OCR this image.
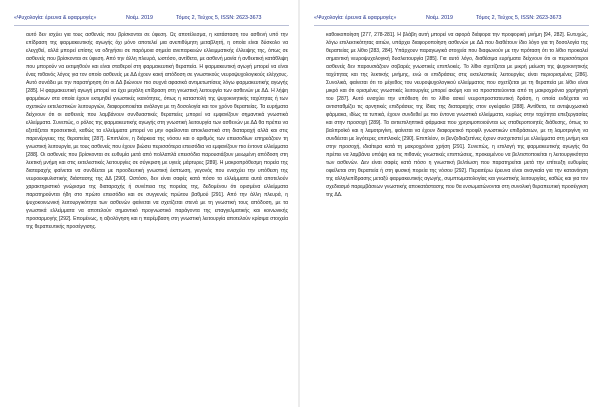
«Ψυχολογία: έρευνα & εφαρμογές»	Νοέμ. 2019	Τόμος 2, Τεύχος 5, ISSN: 2623-3673

αυτό δεν ισχύει για τους ασθενείς που βρίσκονται σε ύφεση. Ως αποτέλεσμα, η κατάσταση του ασθενή υπό την επίδραση της φαρμακευτικής αγωγής όχι μόνο αποτελεί μια ανεπιθύμητη μεταβλητή, η οποία είναι δύσκολο να ελεγχθεί, αλλά μπορεί επίσης να οδηγήσει σε παρόμοια σημεία ανεπαρκειών ελλειμματικής έλλειψης της, όπως σε ασθενείς που βρίσκονται σε ύφεση. Από την άλλη πλευρά, ωστόσο, αντίθετα, με ασθενή μανία ή ανθεκτική κατάθλιψη που μπορούν να εκτιμηθούν και είναι σταθεροί στη φαρμακευτική θεραπεία. Η φαρμακευτική αγωγή μπορεί να είναι ένας πιθανός λόγος για τον οποίο ασθενείς με ΔΔ έχουν κακή απόδοση σε γνωστικούς νευροψυχολογικούς ελέγχους. Αυτό συνάδει με την παρατήρηση ότι οι ΔΔ βιώνουν πιο συχνά αφασικά αντιμετωπίσεις λόγω φαρμακευτικής αγωγής [285]. Η φαρμακευτική αγωγή μπορεί να έχει μεγάλη επίδραση στη γνωστική λειτουργία των ασθενών με ΔΔ. Η λήψη φαρμάκων στα οποία έχουν εκτιμηθεί γνωστικές ικανότητες, όπως η καταστολή της ψυχοκινητικής ταχύτητας ή των σχετικών εκτελεστικών λειτουργιών, διαφοροποιείται ανάλογα με τη δοσολογία και τον χρόνο θεραπείας. Τα ευρήματα δείχνουν ότι οι ασθενείς που λαμβάνουν συνδυαστικές θεραπείες μπορεί να εμφανίζουν σημαντικά γνωστικά ελλείμματα. Συνεπώς, ο ρόλος της φαρμακευτικής αγωγής στη γνωστική λειτουργία των ασθενών με ΔΔ θα πρέπει να εξετάζεται προσεκτικά, καθώς τα ελλείμματα μπορεί να μην οφείλονται αποκλειστικά στη διαταραχή αλλά και στις παρενέργειες της θεραπείας [287]. Επιπλέον, η διάρκεια της νόσου και ο αριθμός των επεισοδίων επηρεάζουν τη γνωστική λειτουργία, με τους ασθενείς που έχουν βιώσει περισσότερα επεισόδια να εμφανίζουν πιο έντονα ελλείμματα [288]. Οι ασθενείς που βρίσκονται σε ευθυμία μετά από πολλαπλά επεισόδια παρουσιάζουν μειωμένη απόδοση στη λεκτική μνήμη και στις εκτελεστικές λειτουργίες σε σύγκριση με υγιείς μάρτυρες [289]. Η μακροπρόθεσμη πορεία της διαταραχής φαίνεται να συνδέεται με προοδευτική γνωστική έκπτωση, γεγονός που ενισχύει την υπόθεση της νευροεκφυλιστικής διάστασης της ΔΔ [290]. Ωστόσο, δεν είναι σαφές κατά πόσο τα ελλείμματα αυτά αποτελούν χαρακτηριστικό γνώρισμα της διαταραχής ή συνέπεια της πορείας της, δεδομένου ότι ορισμένα ελλείμματα παρατηρούνται ήδη στο πρώτο επεισόδιο και σε συγγενείς πρώτου βαθμού [291]. Από την άλλη πλευρά, η ψυχοκοινωνική λειτουργικότητα των ασθενών φαίνεται να σχετίζεται στενά με τη γνωστική τους απόδοση, με τα γνωστικά ελλείμματα να αποτελούν σημαντικό προγνωστικό παράγοντα της επαγγελματικής και κοινωνικής προσαρμογής [292]. Επομένως, η αξιολόγηση και η παρέμβαση στη γνωστική λειτουργία αποτελούν κρίσιμα στοιχεία της θεραπευτικής προσέγγισης.

«Ψυχολογία: έρευνα & εφαρμογές»	Νοέμ. 2019	Τόμος 2, Τεύχος 5, ISSN: 2623-3673

καθοικοποίηση [277, 278-281]. Η βλάβη αυτή μπορεί να αφορά διάφορα την προφορική μνήμη [94, 282]. Ευτυχώς, λόγω επιλεκτικότητας αιτιών, υπάρχει διαφοροποίηση ασθενών με ΔΔ που διαθέτουν ίδιο λόγο για τη δοσολογία της θεραπείας με λίθιο [283, 284]. Υπάρχουν παραγωγικά στοιχεία που διαφωνούν με την πρόταση ότι το λίθιο προκαλεί σημαντική νευροψυχολογική δυσλειτουργία [285]. Για αυτό λόγο, διαθέσιμα ευρήματα δείχνουν ότι οι περισσότεροι ασθενείς δεν παρουσιάζουν σοβαρές γνωστικές επιπλοκές. Το λίθιο σχετίζεται με μικρή μείωση της ψυχοκινητικής ταχύτητας και της λεκτικής μνήμης, ενώ οι επιδράσεις στις εκτελεστικές λειτουργίες είναι περιορισμένες [286]. Συνολικά, φαίνεται ότι το μέγεθος του νευροψυχολογικού ελλείμματος που σχετίζεται με τη θεραπεία με λίθιο είναι μικρό και ότι ορισμένες γνωστικές λειτουργίες μπορεί ακόμη και να προστατεύονται από τη μακροχρόνια χορήγησή του [287]. Αυτό ενισχύει την υπόθεση ότι το λίθιο ασκεί νευροπροστατευτική δράση, η οποία ενδέχεται να αντισταθμίζει τις αρνητικές επιδράσεις της ίδιας της διαταραχής στον εγκέφαλο [288]. Αντίθετα, τα αντιψυχωσικά φάρμακα, ιδίως τα τυπικά, έχουν συνδεθεί με πιο έντονα γνωστικά ελλείμματα, κυρίως στην ταχύτητα επεξεργασίας και στην προσοχή [289]. Τα αντιεπιληπτικά φάρμακα που χρησιμοποιούνται ως σταθεροποιητές διάθεσης, όπως το βαλπροϊκό και η λαμοτριγίνη, φαίνεται να έχουν διαφορετικό προφίλ γνωστικών επιδράσεων, με τη λαμοτριγίνη να συνδέεται με λιγότερες επιπλοκές [290]. Επιπλέον, οι βενζοδιαζεπίνες έχουν συσχετιστεί με ελλείμματα στη μνήμη και στην προσοχή, ιδιαίτερα κατά τη μακροχρόνια χρήση [291]. Συνεπώς, η επιλογή της φαρμακευτικής αγωγής θα πρέπει να λαμβάνει υπόψη και τις πιθανές γνωστικές επιπτώσεις, προκειμένου να βελτιστοποιείται η λειτουργικότητα των ασθενών. Δεν είναι σαφές κατά πόσο η γνωστική βελτίωση που παρατηρείται μετά την επίτευξη ευθυμίας οφείλεται στη θεραπεία ή στη φυσική πορεία της νόσου [292]. Περαιτέρω έρευνα είναι αναγκαία για την κατανόηση της αλληλεπίδρασης μεταξύ φαρμακευτικής αγωγής, συμπτωματολογίας και γνωστικής λειτουργίας, καθώς και για τον σχεδιασμό παρεμβάσεων γνωστικής αποκατάστασης που θα ενσωματώνονται στη συνολική θεραπευτική προσέγγιση της ΔΔ.
